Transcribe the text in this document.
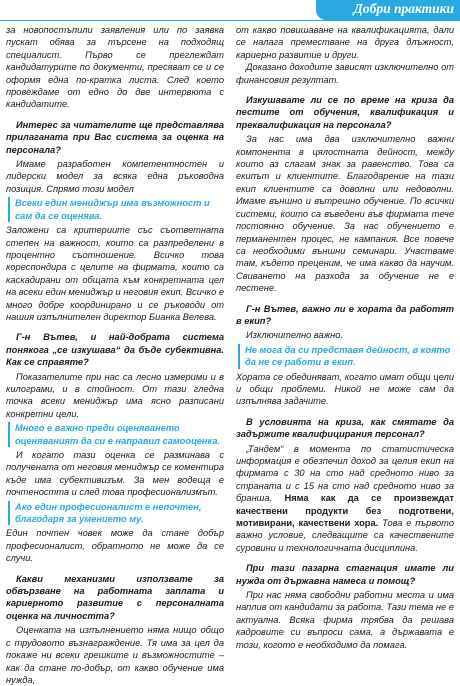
Добри практики

за новопостъпили заявления или по заявка пускат обява за търсене на подходящ специалист. Първо се преглеждат кандидатурите по документи, пресяват се и се оформя една по-кратка листа. След което провеждаме от едно до две интервюта с кандидатите.

Интерес за читателите ще представлява прилаганата при Вас система за оценка на персонала?

Имаме разработен компетентностен и лидерски модел за всяка една ръководна позиция. Спрямо този модел

Всеки един мениджър има възможност и сам да се оценява.

Заложени са критериите със съответната степен на важност, които са разпределени в процентно съотношение. Всичко това кореспондира с целите на фирмата, които са каскадирани от общата към конкретната цел на всеки един мениджър и неговия екип. Всичко е много добре координирано и се ръководи от нашия изпълнителен директор Бианка Велева.

Г-н Вътев, и най-добрата система понякога „се изкушава“ да бъде субективна. Как се справяте?

Показателите при нас са лесно измерими и в килограми, и в стойност. От тази гледна точка всеки мениджър има ясно разписани конкретни цели.

Много е важно преди оценяването оценяваният да си е направил самооценка.

И когато тази оценка се разминава с получената от неговия мениджър се коментира къде има субективизъм. За мен водеща е почтеността и след това професионализмът.

Ако един професионалист е непочтен, благодаря за умението му.

Един почтен човек може да стане добър професионалист, обратното не може да се случи.

Какви механизми използвате за обвързване на работната заплата и кариерното развитие с персоналната оценка на личността?

Оценката на изпълнението няма нищо общо с трудовото възнаграждение. Тя има за цел да покаже ни всеки грешките и възможностите – как да стане по-добър, от какво обучение има нужда,

от какво повишаване на квалификацията, дали се налага преместване на друга длъжност, кариерно развитие и други.

Доказано доходите зависят изключително от финансовия резултат.

Изкушавате ли се по време на криза да пестите от обучения, квалификация и преквалификация на персонала?

За нас има два изключително важни компонента в цялостната дейност, между които аз слагам знак за равенство. Това са екипът и клиентите. Благодарение на тази екип клиентите са доволни или недоволни. Имаме външно и вътрешно обучение. По всички системи, които са въведени във фирмата тече постоянно обучение. За нас обучението е перманентен процес, не кампания. Все повече са необходими външни семинари. Участваме там, където преценим, че има какво да научим. Свиването на разхода за обучение не е пестене.

Г-н Вътев, важно ли е хората да работят в екип?

Изключително важно.

Не мога да си представя дейност, в която да не се работи в екип.

Хората се обединяват, когато имат общи цели и общи проблеми. Никой не може сам да изпълнява задачите.

В условията на криза, как смятате да задържите квалифицирания персонал?

„Тандем“ в момента по статистическа информация е обезпечил доход за целия екип на фирмата с 30 на сто над средното ниво за страната и с 15 на сто над средното ниво за бранша. Няма как да се произвеждат качествени продукти без подготвени, мотивирани, качествени хора. Това е първото важно условие, следващите са качествените суровини и технологичната дисциплина.

При тази пазарна стагнация имате ли нужда от държавна намеса и помощ?

При нас няма свободни работни места и има наплив от кандидати за работа. Тази тема не е актуална. Всяка фирма трябва да решава кадровите си въпроси сама, а държавата е този, когото е необходимо да помага.
